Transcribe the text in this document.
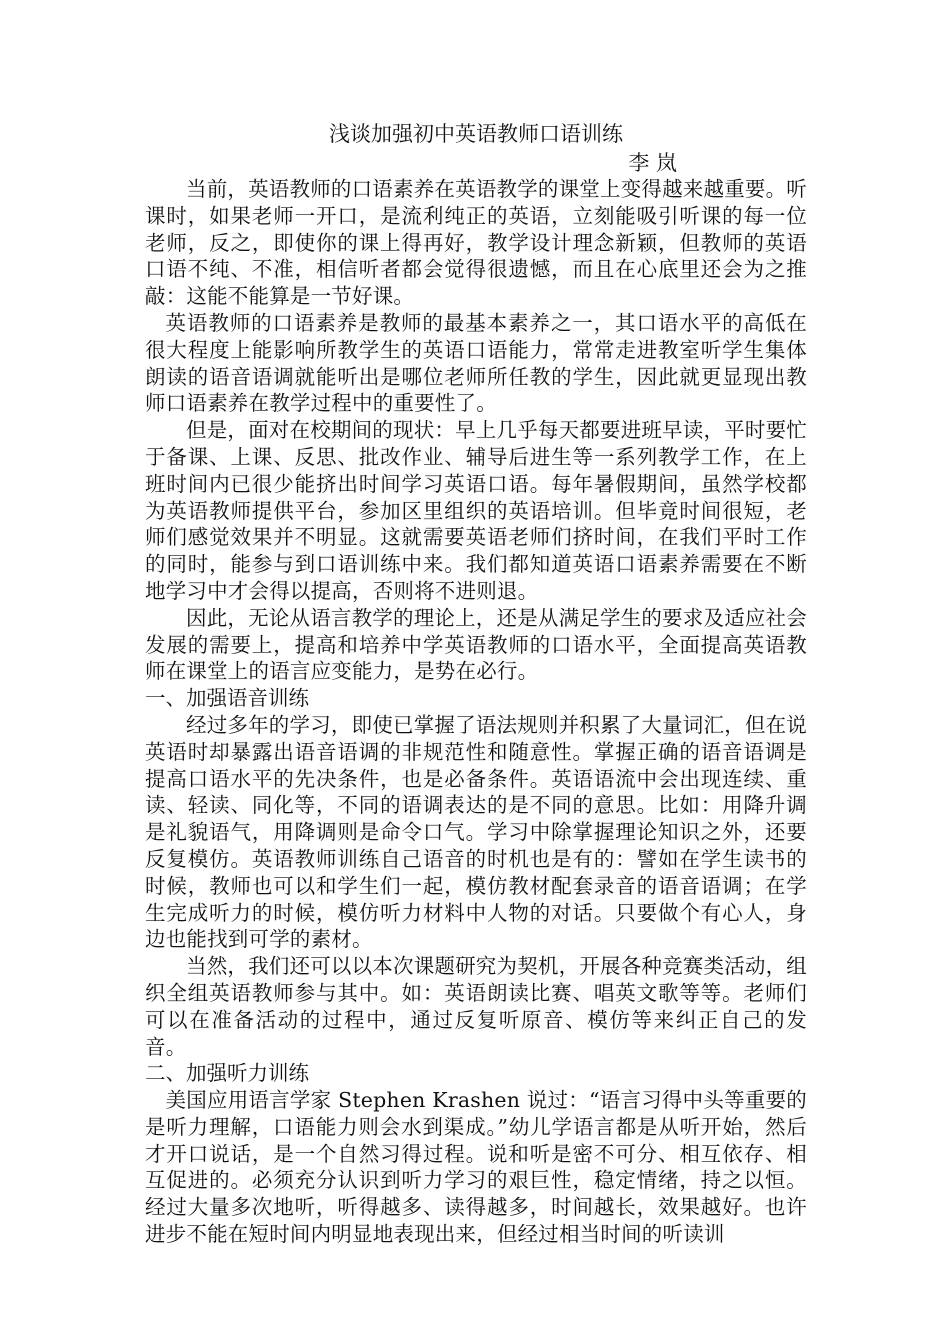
浅谈加强初中英语教师口语训练

李 岚

当前，英语教师的口语素养在英语教学的课堂上变得越来越重要。听课时，如果老师一开口，是流利纯正的英语，立刻能吸引听课的每一位老师，反之，即使你的课上得再好，教学设计理念新颖，但教师的英语口语不纯、不准，相信听者都会觉得很遗憾，而且在心底里还会为之推敲：这能不能算是一节好课。

英语教师的口语素养是教师的最基本素养之一，其口语水平的高低在很大程度上能影响所教学生的英语口语能力，常常走进教室听学生集体朗读的语音语调就能听出是哪位老师所任教的学生，因此就更显现出教师口语素养在教学过程中的重要性了。

但是，面对在校期间的现状：早上几乎每天都要进班早读，平时要忙于备课、上课、反思、批改作业、辅导后进生等一系列教学工作，在上班时间内已很少能挤出时间学习英语口语。每年暑假期间，虽然学校都为英语教师提供平台，参加区里组织的英语培训。但毕竟时间很短，老师们感觉效果并不明显。这就需要英语老师们挤时间，在我们平时工作的同时，能参与到口语训练中来。我们都知道英语口语素养需要在不断地学习中才会得以提高，否则将不进则退。

因此，无论从语言教学的理论上，还是从满足学生的要求及适应社会发展的需要上，提高和培养中学英语教师的口语水平，全面提高英语教师在课堂上的语言应变能力，是势在必行。

一、加强语音训练

经过多年的学习，即使已掌握了语法规则并积累了大量词汇，但在说英语时却暴露出语音语调的非规范性和随意性。掌握正确的语音语调是提高口语水平的先决条件，也是必备条件。英语语流中会出现连续、重读、轻读、同化等，不同的语调表达的是不同的意思。比如：用降升调是礼貌语气，用降调则是命令口气。学习中除掌握理论知识之外，还要反复模仿。英语教师训练自己语音的时机也是有的：譬如在学生读书的时候，教师也可以和学生们一起，模仿教材配套录音的语音语调；在学生完成听力的时候，模仿听力材料中人物的对话。只要做个有心人，身边也能找到可学的素材。

当然，我们还可以以本次课题研究为契机，开展各种竞赛类活动，组织全组英语教师参与其中。如：英语朗读比赛、唱英文歌等等。老师们可以在准备活动的过程中，通过反复听原音、模仿等来纠正自己的发音。

二、加强听力训练

美国应用语言学家 Stephen Krashen 说过：“语言习得中头等重要的是听力理解，口语能力则会水到渠成。”幼儿学语言都是从听开始，然后才开口说话，是一个自然习得过程。说和听是密不可分、相互依存、相互促进的。必须充分认识到听力学习的艰巨性，稳定情绪，持之以恒。经过大量多次地听，听得越多、读得越多，时间越长，效果越好。也许进步不能在短时间内明显地表现出来，但经过相当时间的听读训
